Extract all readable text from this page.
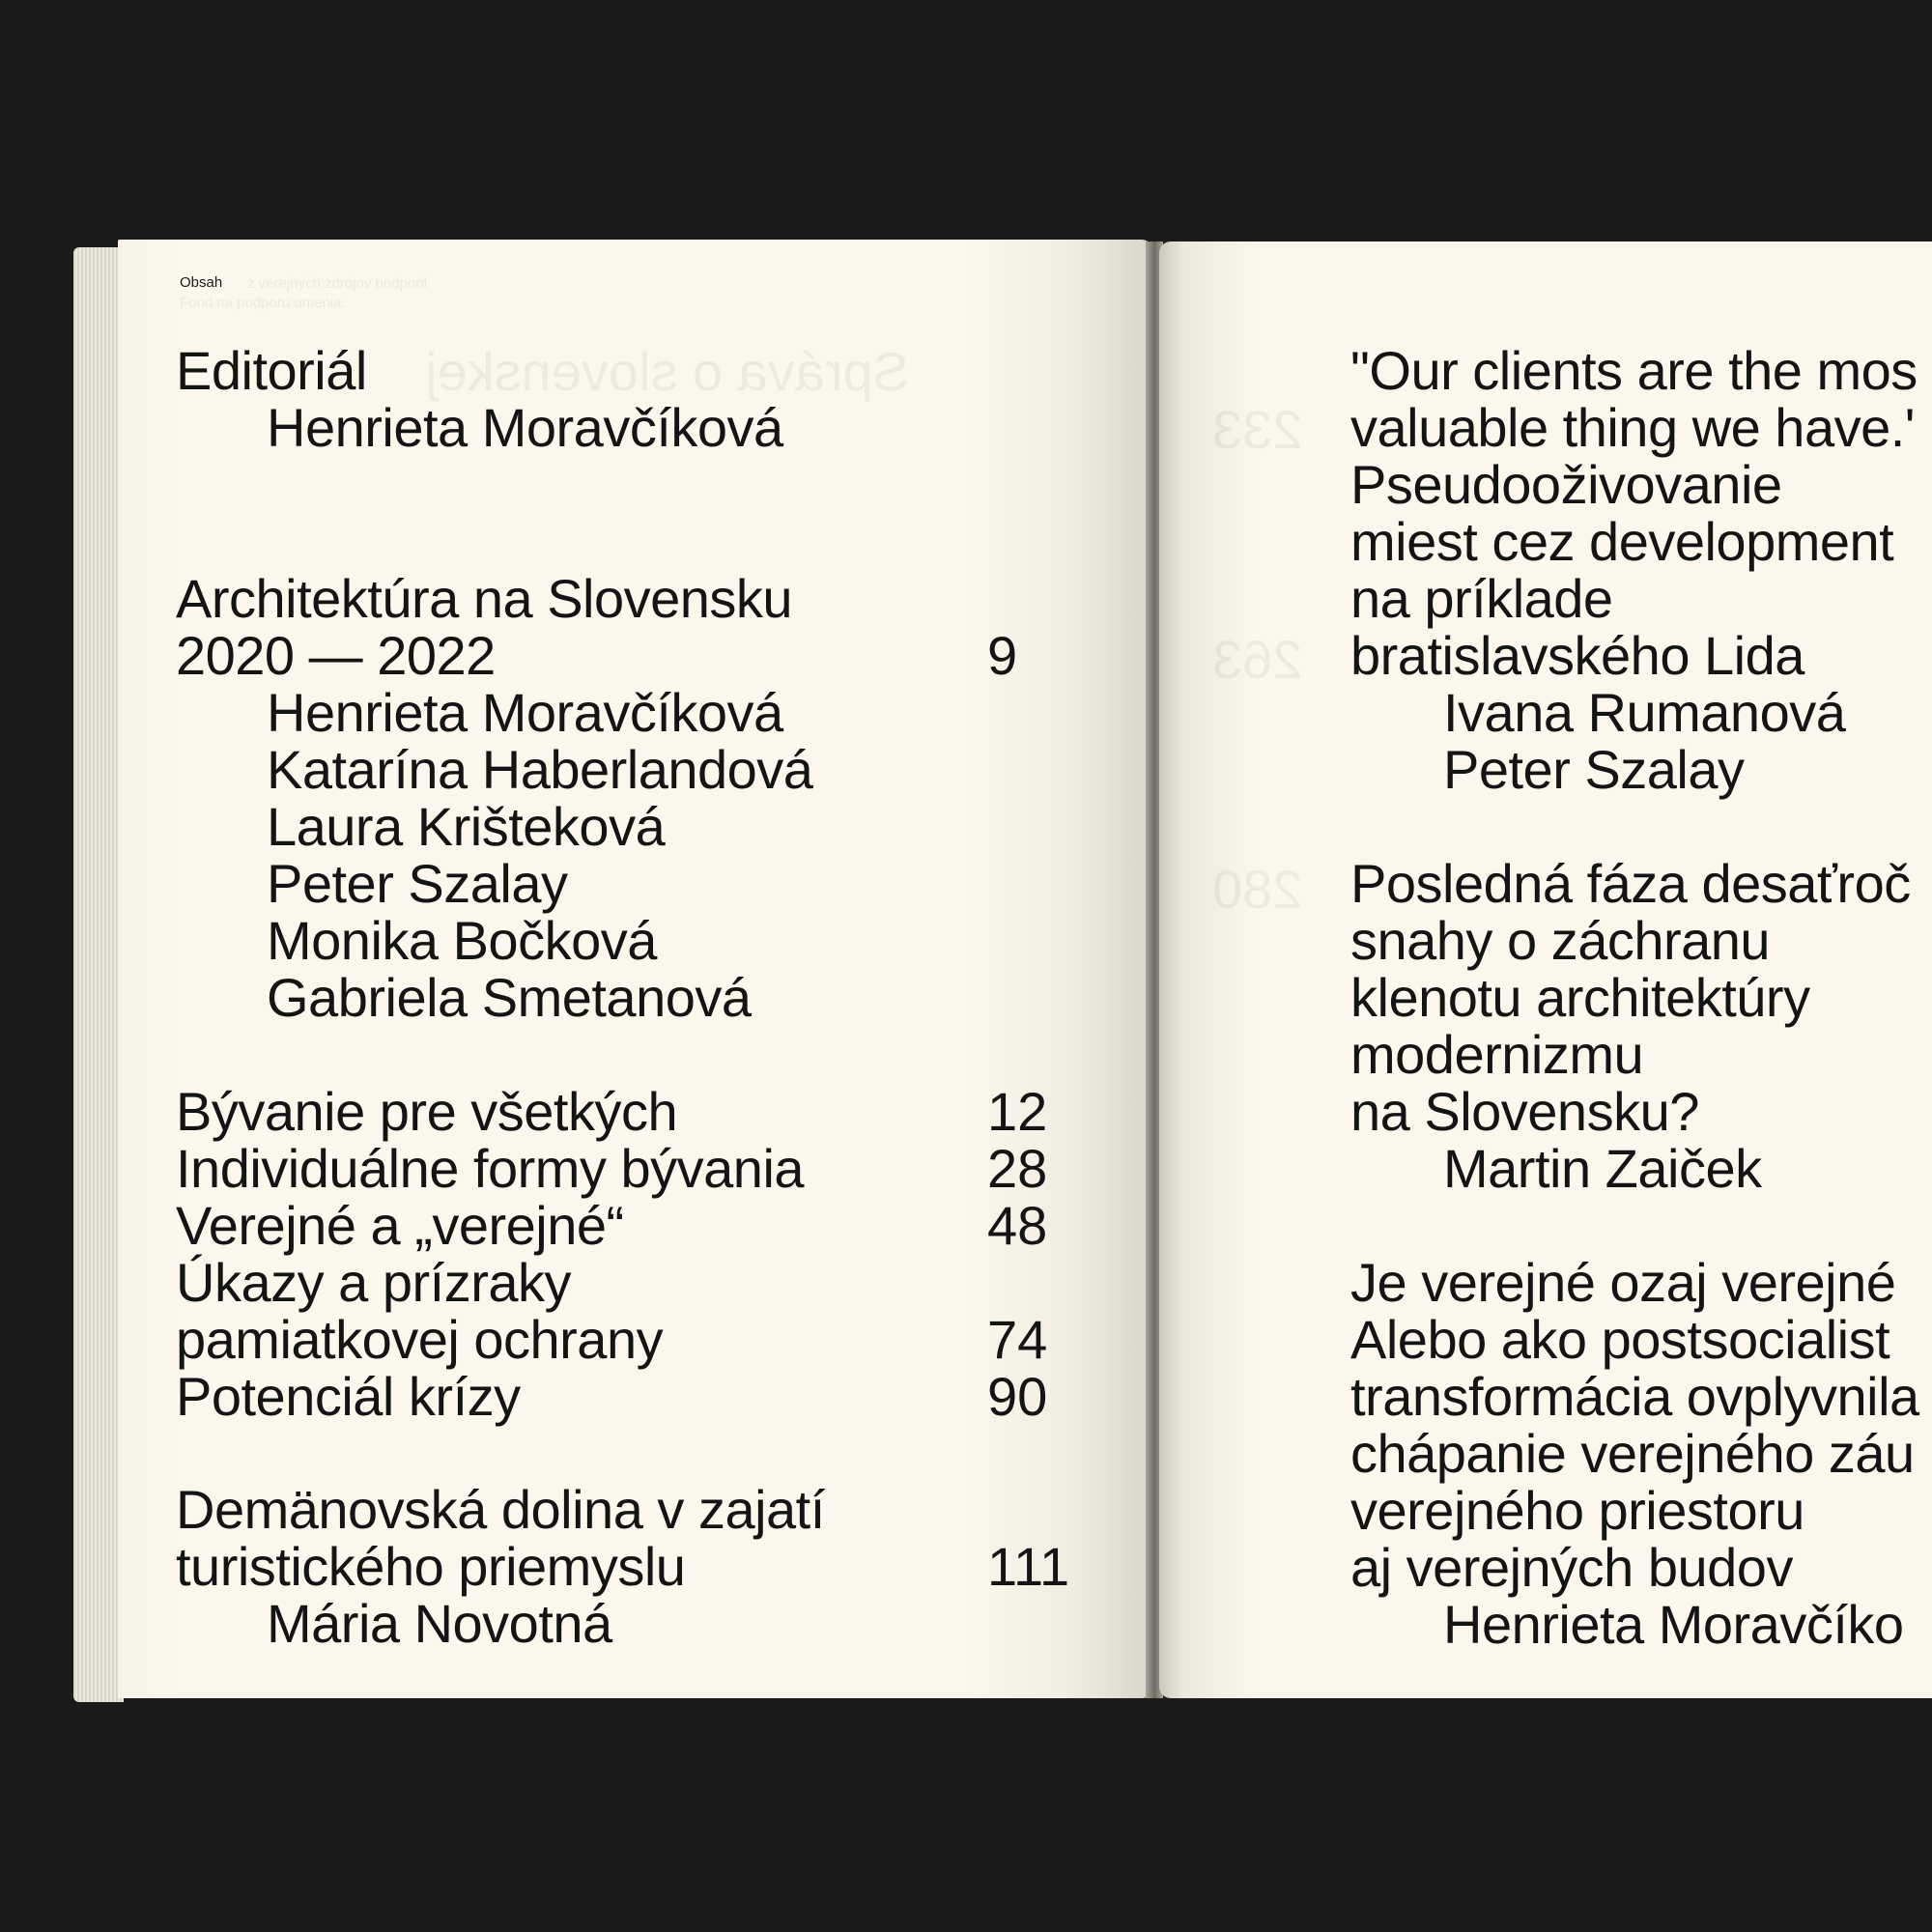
z verejných zdrojov podporil
Fond na podporu umenia.
Správa o slovenskej
233
263
280
Obsah
Editoriál
Henrieta Moravčíková
Architektúra na Slovensku
2020 — 2022	9
Henrieta Moravčíková
Katarína Haberlandová
Laura Krišteková
Peter Szalay
Monika Bočková
Gabriela Smetanová
Bývanie pre všetkých	12
Individuálne formy bývania	28
Verejné a „verejné“	48
Úkazy a prízraky
pamiatkovej ochrany	74
Potenciál krízy	90
Demänovská dolina v zajatí
turistického priemyslu	111
Mária Novotná
"Our clients are the mos
valuable thing we have.'
Pseudooživovanie
miest cez development
na príklade
bratislavského Lida
Ivana Rumanová
Peter Szalay
Posledná fáza desaťroč
snahy o záchranu
klenotu architektúry
modernizmu
na Slovensku?
Martin Zaiček
Je verejné ozaj verejné
Alebo ako postsocialist
transformácia ovplyvnila
chápanie verejného záu
verejného priestoru
aj verejných budov
Henrieta Moravčíko
